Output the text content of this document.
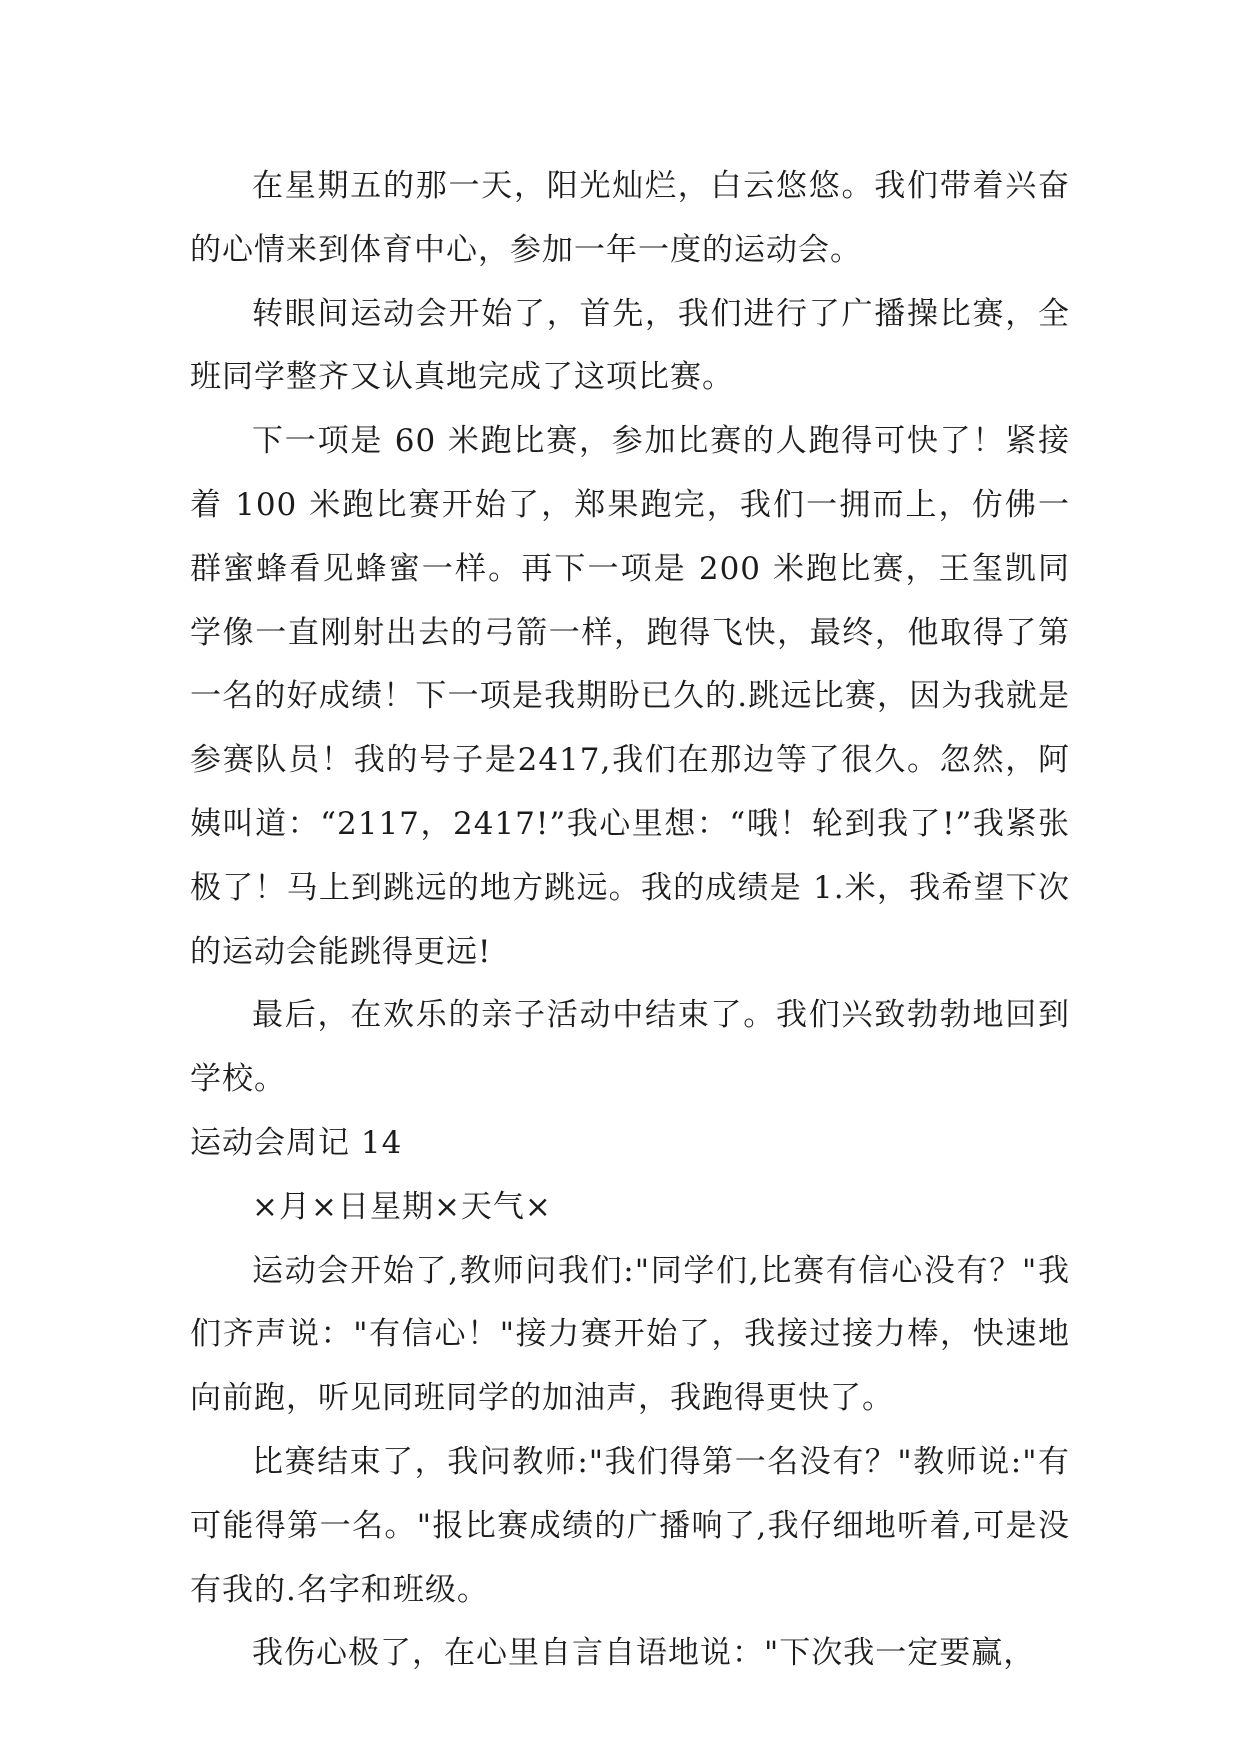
在星期五的那一天，阳光灿烂，白云悠悠。我们带着兴奋的心情来到体育中心，参加一年一度的运动会。

转眼间运动会开始了，首先，我们进行了广播操比赛，全班同学整齐又认真地完成了这项比赛。

下一项是 60 米跑比赛，参加比赛的人跑得可快了！紧接着 100 米跑比赛开始了，郑果跑完，我们一拥而上，仿佛一群蜜蜂看见蜂蜜一样。再下一项是 200 米跑比赛，王玺凯同学像一直刚射出去的弓箭一样，跑得飞快，最终，他取得了第一名的好成绩！下一项是我期盼已久的.跳远比赛，因为我就是参赛队员！我的号子是2417,我们在那边等了很久。忽然，阿姨叫道：“2117，2417!”我心里想：“哦！轮到我了!”我紧张极了！马上到跳远的地方跳远。我的成绩是 1.米，我希望下次的运动会能跳得更远!

最后，在欢乐的亲子活动中结束了。我们兴致勃勃地回到学校。

运动会周记 14

×月×日星期×天气×

运动会开始了,教师问我们:"同学们,比赛有信心没有？"我们齐声说："有信心！"接力赛开始了，我接过接力棒，快速地向前跑，听见同班同学的加油声，我跑得更快了。

比赛结束了，我问教师:"我们得第一名没有？"教师说:"有可能得第一名。"报比赛成绩的广播响了,我仔细地听着,可是没有我的.名字和班级。

我伤心极了，在心里自言自语地说："下次我一定要赢，
